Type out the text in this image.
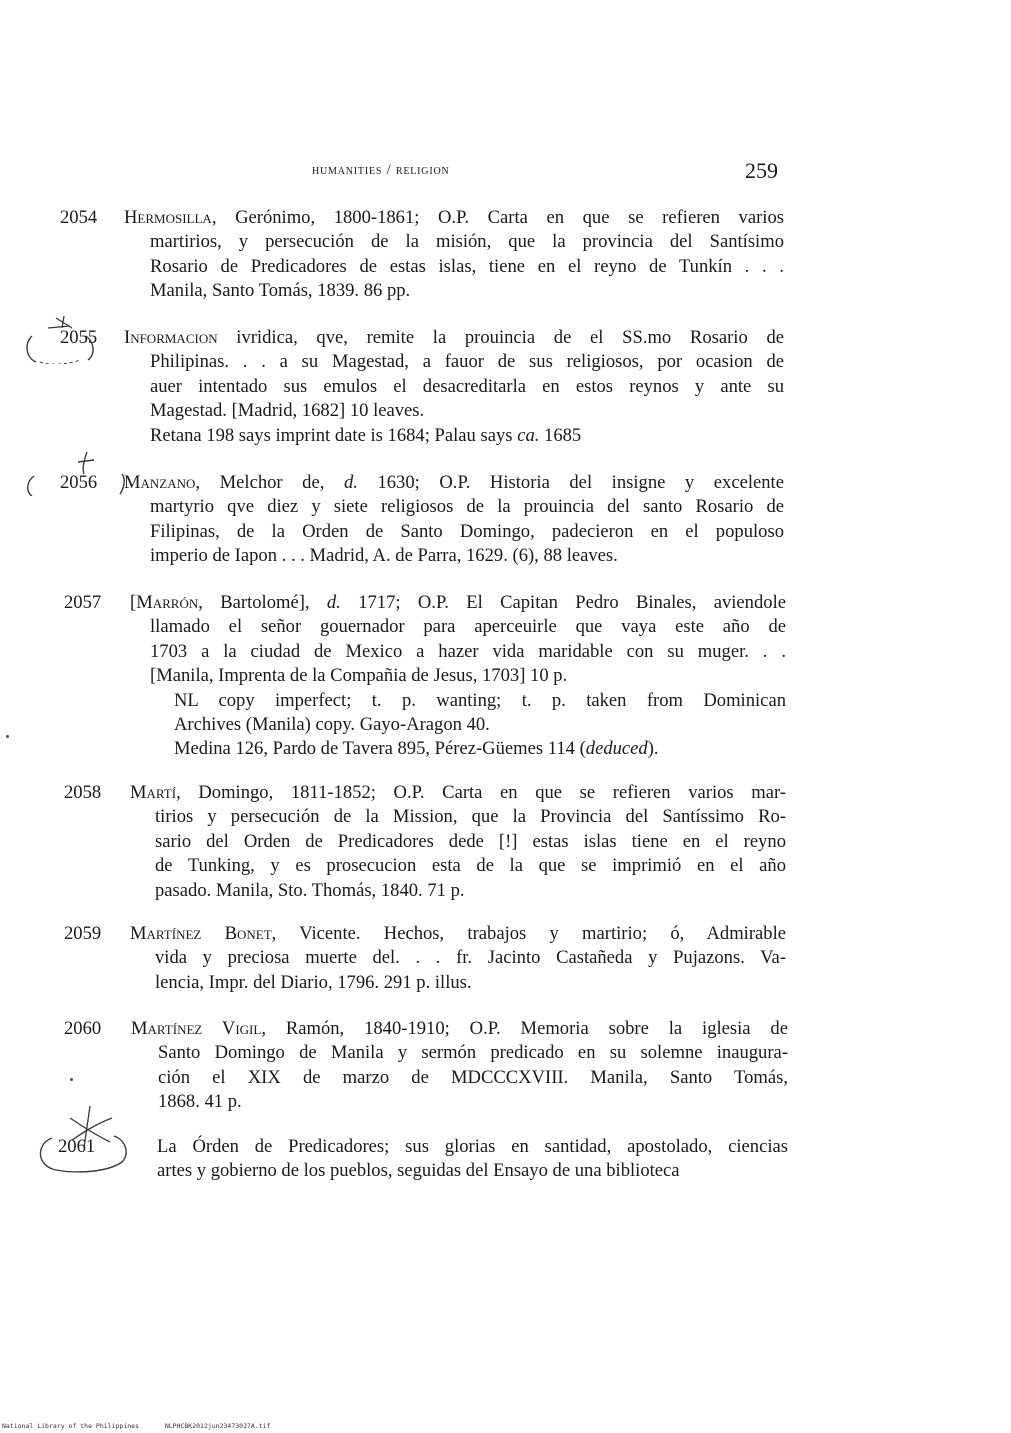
humanities / religion	259
2054	Hermosilla, Gerónimo, 1800-1861; O.P. Carta en que se refieren varios
martirios, y persecución de la misión, que la provincia del Santísimo
Rosario de Predicadores de estas islas, tiene en el reyno de Tunkín . . .
Manila, Santo Tomás, 1839. 86 pp.
2055	Informacion ivridica, qve, remite la prouincia de el SS.mo Rosario de
Philipinas. . . a su Magestad, a fauor de sus religiosos, por ocasion de
auer intentado sus emulos el desacreditarla en estos reynos y ante su
Magestad. [Madrid, 1682] 10 leaves.
Retana 198 says imprint date is 1684; Palau says ca. 1685
2056	Manzano, Melchor de, d. 1630; O.P. Historia del insigne y excelente
martyrio qve diez y siete religiosos de la prouincia del santo Rosario de
Filipinas, de la Orden de Santo Domingo, padecieron en el populoso
imperio de Iapon . . . Madrid, A. de Parra, 1629. (6), 88 leaves.
2057	[Marrón, Bartolomé], d. 1717; O.P. El Capitan Pedro Binales, aviendole
llamado el señor gouernador para aperceuirle que vaya este año de
1703 a la ciudad de Mexico a hazer vida maridable con su muger. . .
[Manila, Imprenta de la Compañia de Jesus, 1703] 10 p.
NL copy imperfect; t. p. wanting; t. p. taken from Dominican
Archives (Manila) copy. Gayo-Aragon 40.
Medina 126, Pardo de Tavera 895, Pérez-Güemes 114 (deduced).
2058	Martí, Domingo, 1811-1852; O.P. Carta en que se refieren varios mar-
tirios y persecución de la Mission, que la Provincia del Santíssimo Ro-
sario del Orden de Predicadores dede [!] estas islas tiene en el reyno
de Tunking, y es prosecucion esta de la que se imprimió en el año
pasado. Manila, Sto. Thomás, 1840. 71 p.
2059	Martínez Bonet, Vicente. Hechos, trabajos y martirio; ó, Admirable
vida y preciosa muerte del. . . fr. Jacinto Castañeda y Pujazons. Va-
lencia, Impr. del Diario, 1796. 291 p. illus.
2060	Martínez Vigil, Ramón, 1840-1910; O.P. Memoria sobre la iglesia de
Santo Domingo de Manila y sermón predicado en su solemne inaugura-
ción el XIX de marzo de MDCCCXVIII. Manila, Santo Tomás,
1868. 41 p.
2061	La Órden de Predicadores; sus glorias en santidad, apostolado, ciencias
artes y gobierno de los pueblos, seguidas del Ensayo de una biblioteca
National Library of the Philippines	NLPHCBK2012jun23473027A.tif
